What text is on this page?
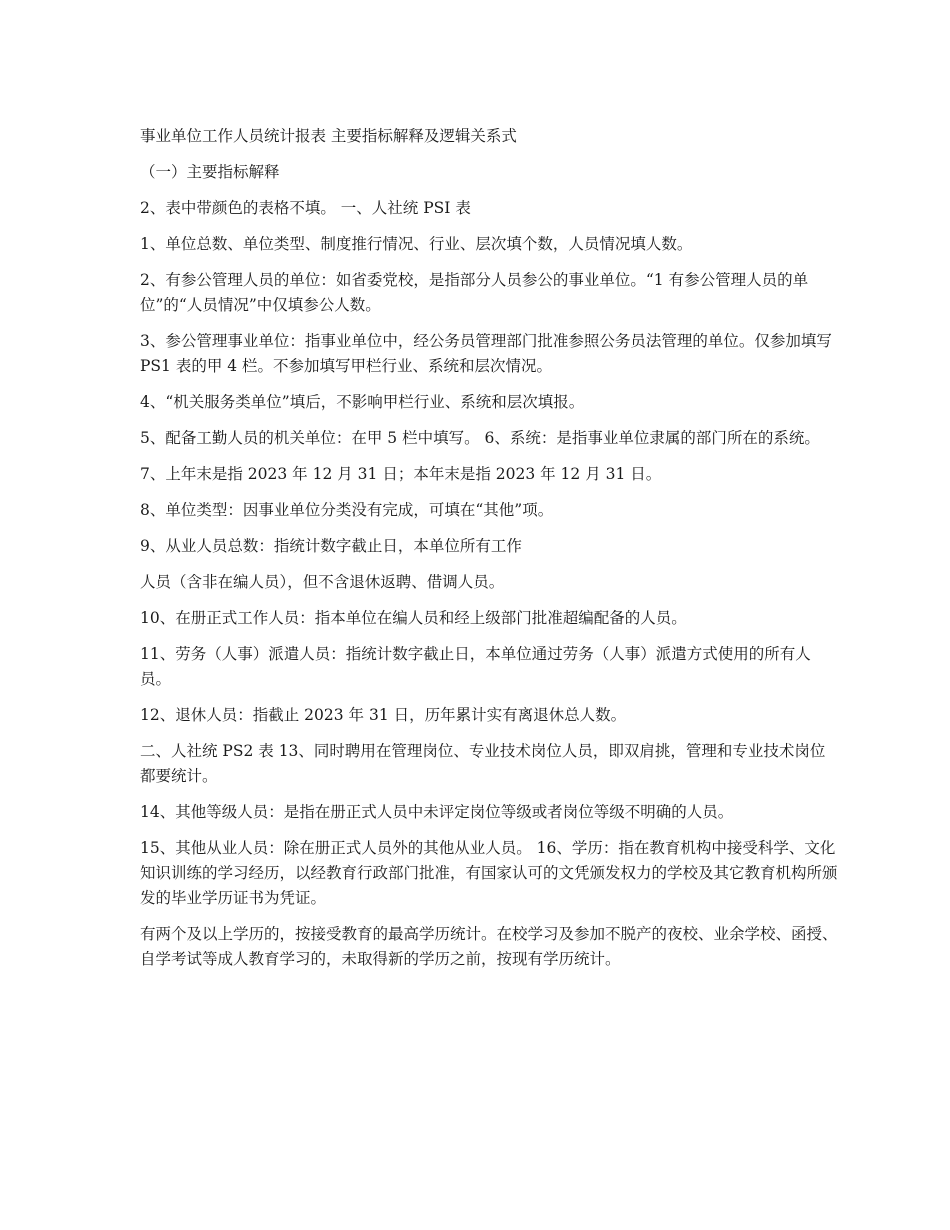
事业单位工作人员统计报表 主要指标解释及逻辑关系式

（一）主要指标解释

2、表中带颜色的表格不填。 一、人社统 PSI 表

1、单位总数、单位类型、制度推行情况、行业、层次填个数，人员情况填人数。

2、有参公管理人员的单位：如省委党校，是指部分人员参公的事业单位。“1 有参公管理人员的单位”的“人员情况”中仅填参公人数。

3、参公管理事业单位：指事业单位中，经公务员管理部门批准参照公务员法管理的单位。仅参加填写 PS1 表的甲 4 栏。不参加填写甲栏行业、系统和层次情况。

4、“机关服务类单位”填后，不影响甲栏行业、系统和层次填报。

5、配备工勤人员的机关单位：在甲 5 栏中填写。 6、系统：是指事业单位隶属的部门所在的系统。

7、上年末是指 2023 年 12 月 31 日；本年末是指 2023 年 12 月 31 日。

8、单位类型：因事业单位分类没有完成，可填在“其他”项。

9、从业人员总数：指统计数字截止日，本单位所有工作

人员（含非在编人员），但不含退休返聘、借调人员。

10、在册正式工作人员：指本单位在编人员和经上级部门批准超编配备的人员。

11、劳务（人事）派遣人员：指统计数字截止日，本单位通过劳务（人事）派遣方式使用的所有人员。

12、退休人员：指截止 2023 年 31 日，历年累计实有离退休总人数。

二、人社统 PS2 表 13、同时聘用在管理岗位、专业技术岗位人员，即双肩挑，管理和专业技术岗位都要统计。

14、其他等级人员：是指在册正式人员中未评定岗位等级或者岗位等级不明确的人员。

15、其他从业人员：除在册正式人员外的其他从业人员。 16、学历：指在教育机构中接受科学、文化知识训练的学习经历，以经教育行政部门批准，有国家认可的文凭颁发权力的学校及其它教育机构所颁发的毕业学历证书为凭证。

有两个及以上学历的，按接受教育的最高学历统计。在校学习及参加不脱产的夜校、业余学校、函授、自学考试等成人教育学习的，未取得新的学历之前，按现有学历统计。
